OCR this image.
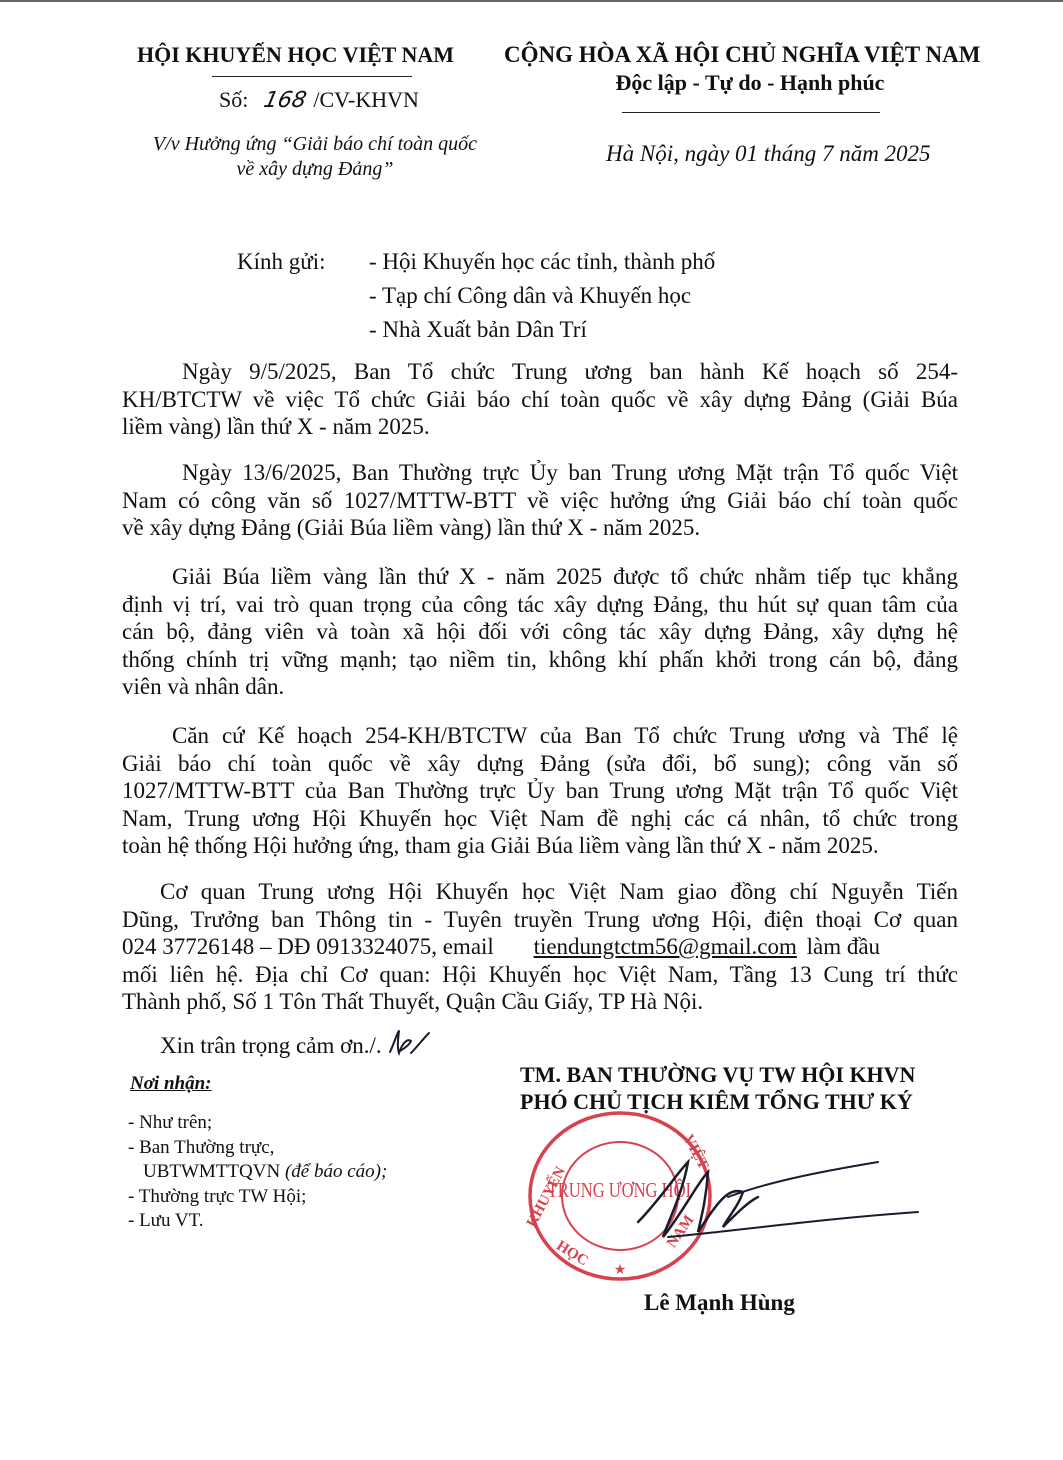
HỘI KHUYẾN HỌC VIỆT NAM
Số: 168 /CV-KHVN
V/v Hưởng ứng “Giải báo chí toàn quốc
về xây dựng Đảng”
CỘNG HÒA XÃ HỘI CHỦ NGHĨA VIỆT NAM
Độc lập - Tự do - Hạnh phúc
Hà Nội, ngày 01 tháng 7 năm 2025
Kính gửi: - Hội Khuyến học các tỉnh, thành phố
- Tạp chí Công dân và Khuyến học
- Nhà Xuất bản Dân Trí
Ngày 9/5/2025, Ban Tổ chức Trung ương ban hành Kế hoạch số 254-
KH/BTCTW về việc Tổ chức Giải báo chí toàn quốc về xây dựng Đảng (Giải Búa
liềm vàng) lần thứ X - năm 2025.
Ngày 13/6/2025, Ban Thường trực Ủy ban Trung ương Mặt trận Tổ quốc Việt
Nam có công văn số 1027/MTTW-BTT về việc hưởng ứng Giải báo chí toàn quốc
về xây dựng Đảng (Giải Búa liềm vàng) lần thứ X - năm 2025.
Giải Búa liềm vàng lần thứ X - năm 2025 được tổ chức nhằm tiếp tục khẳng
định vị trí, vai trò quan trọng của công tác xây dựng Đảng, thu hút sự quan tâm của
cán bộ, đảng viên và toàn xã hội đối với công tác xây dựng Đảng, xây dựng hệ
thống chính trị vững mạnh; tạo niềm tin, không khí phấn khởi trong cán bộ, đảng
viên và nhân dân.
Căn cứ Kế hoạch 254-KH/BTCTW của Ban Tổ chức Trung ương và Thể lệ
Giải báo chí toàn quốc về xây dựng Đảng (sửa đổi, bổ sung); công văn số
1027/MTTW-BTT của Ban Thường trực Ủy ban Trung ương Mặt trận Tổ quốc Việt
Nam, Trung ương Hội Khuyến học Việt Nam đề nghị các cá nhân, tổ chức trong
toàn hệ thống Hội hưởng ứng, tham gia Giải Búa liềm vàng lần thứ X - năm 2025.
Cơ quan Trung ương Hội Khuyến học Việt Nam giao đồng chí Nguyễn Tiến
Dũng, Trưởng ban Thông tin - Tuyên truyền Trung ương Hội, điện thoại Cơ quan
024 37726148 – DĐ 0913324075, email tiendungtctm56@gmail.com làm đầu
mối liên hệ. Địa chỉ Cơ quan: Hội Khuyến học Việt Nam, Tầng 13 Cung trí thức
Thành phố, Số 1 Tôn Thất Thuyết, Quận Cầu Giấy, TP Hà Nội.
Xin trân trọng cảm ơn./.
Nơi nhận:
- Như trên;
- Ban Thường trực,
UBTWMTTQVN (để báo cáo);
- Thường trực TW Hội;
- Lưu VT.
TM. BAN THƯỜNG VỤ TW HỘI KHVN
PHÓ CHỦ TỊCH KIÊM TỔNG THƯ KÝ
KHUYẾN
VIỆT
HỌC
NAM
★
TRUNG ƯƠNG HỘI
Lê Mạnh Hùng
